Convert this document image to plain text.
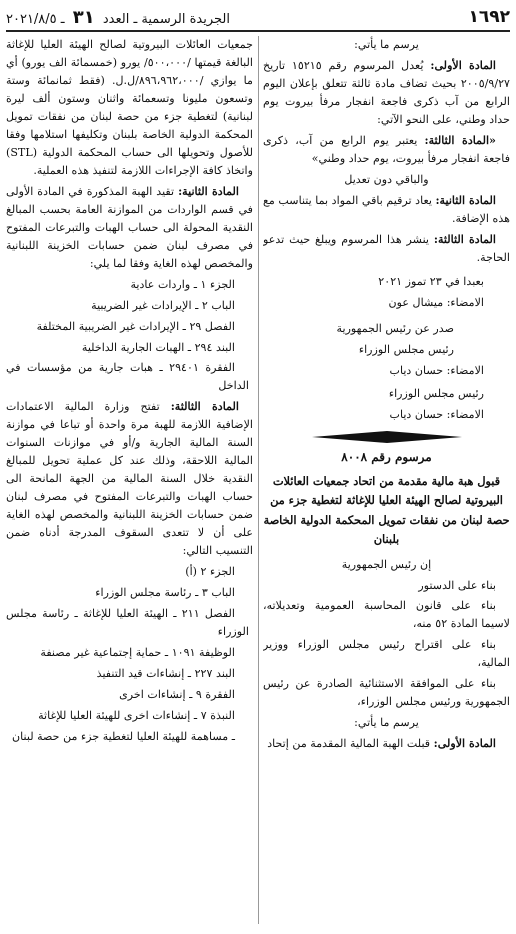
١٦٩٢
الجريدة الرسمية ـ العدد ٣١ ـ ٢٠٢١/٨/٥

يرسم ما يأتي:

المادة الأولى: يُعدل المرسوم رقم ١٥٢١٥ تاريخ ٢٠٠٥/٩/٢٧ بحيث تضاف مادة ثالثة تتعلق بإعلان اليوم الرابع من آب ذكرى فاجعة انفجار مرفأ بيروت يوم حداد وطني، على النحو الآتي:

«المادة الثالثة: يعتبر يوم الرابع من آب، ذكرى فاجعة انفجار مرفأ بيروت، يوم حداد وطني»

والباقي دون تعديل

المادة الثانية: يعاد ترقيم باقي المواد بما يتناسب مع هذه الإضافة.

المادة الثالثة: ينشر هذا المرسوم ويبلغ حيث تدعو الحاجة.

بعبدا في ٢٣ تموز ٢٠٢١

الامضاء: ميشال عون

صدر عن رئيس الجمهورية

رئيس مجلس الوزراء

الامضاء: حسان دياب

رئيس مجلس الوزراء

الامضاء: حسان دياب

مرسوم رقم ٨٠٠٨

قبول هبة مالية مقدمة من اتحاد جمعيات العائلات البيروتية لصالح الهيئة العليا للإغاثة لتغطية جزء من حصة لبنان من نفقات تمويل المحكمة الدولية الخاصة بلبنان

إن رئيس الجمهورية

بناء على الدستور

بناء على قانون المحاسبة العمومية وتعديلاته، لاسيما المادة ٥٢ منه،

بناء على اقتراح رئيس مجلس الوزراء ووزير المالية،

بناء على الموافقة الاستثنائية الصادرة عن رئيس الجمهورية ورئيس مجلس الوزراء،

يرسم ما يأتي:

المادة الأولى: قبلت الهبة المالية المقدمة من إتحاد

جمعيات العائلات البيروتية لصالح الهيئة العليا للإغاثة البالغة قيمتها /٥٠٠،٠٠٠/ يورو (خمسمائة الف يورو) أي ما يوازي /٨٩٦،٩٦٢،٠٠٠/ل.ل. (فقط ثمانمائة وستة وتسعون مليونا وتسعمائة واثنان وستون ألف ليرة لبنانية) لتغطية جزء من حصة لبنان من نفقات تمويل المحكمة الدولية الخاصة بلبنان وتكليفها استلامها وفقا للأصول وتحويلها الى حساب المحكمة الدولية (STL) واتخاذ كافة الإجراءات اللازمة لتنفيذ هذه العملية.

المادة الثانية: تقيد الهبة المذكورة في المادة الأولى في قسم الواردات من الموازنة العامة بحسب المبالغ النقدية المحولة الى حساب الهبات والتبرعات المفتوح في مصرف لبنان ضمن حسابات الخزينة اللبنانية والمخصص لهذه الغاية وفقا لما يلي:

الجزء ١ ـ واردات عادية

الباب ٢ ـ الإيرادات غير الضريبية

الفصل ٢٩ ـ الإيرادات غير الضريبية المختلفة

البند ٢٩٤ ـ الهبات الجارية الداخلية

الفقرة ٢٩٤٠١ ـ هبات جارية من مؤسسات في الداخل

المادة الثالثة: تفتح وزارة المالية الاعتمادات الإضافية اللازمة للهبة مرة واحدة أو تباعا في موازنة السنة المالية الجارية و/أو في موازنات السنوات المالية اللاحقة، وذلك عند كل عملية تحويل للمبالغ النقدية خلال السنة المالية من الجهة المانحة الى حساب الهبات والتبرعات المفتوح في مصرف لبنان ضمن حسابات الخزينة اللبنانية والمخصص لهذه الغاية على أن لا تتعدى السقوف المدرجة أدناه ضمن التنسيب التالي:

الجزء ٢ (أ)

الباب ٣ ـ رئاسة مجلس الوزراء

الفصل ٢١١ ـ الهيئة العليا للإغاثة ـ رئاسة مجلس الوزراء

الوظيفة ١٠٩١ ـ حماية إجتماعية غير مصنفة

البند ٢٢٧ ـ إنشاءات قيد التنفيذ

الفقرة ٩ ـ إنشاءات اخرى

النبذة ٧ ـ إنشاءات اخرى للهيئة العليا للإغاثة

ـ مساهمة للهيئة العليا لتغطية جزء من حصة لبنان
